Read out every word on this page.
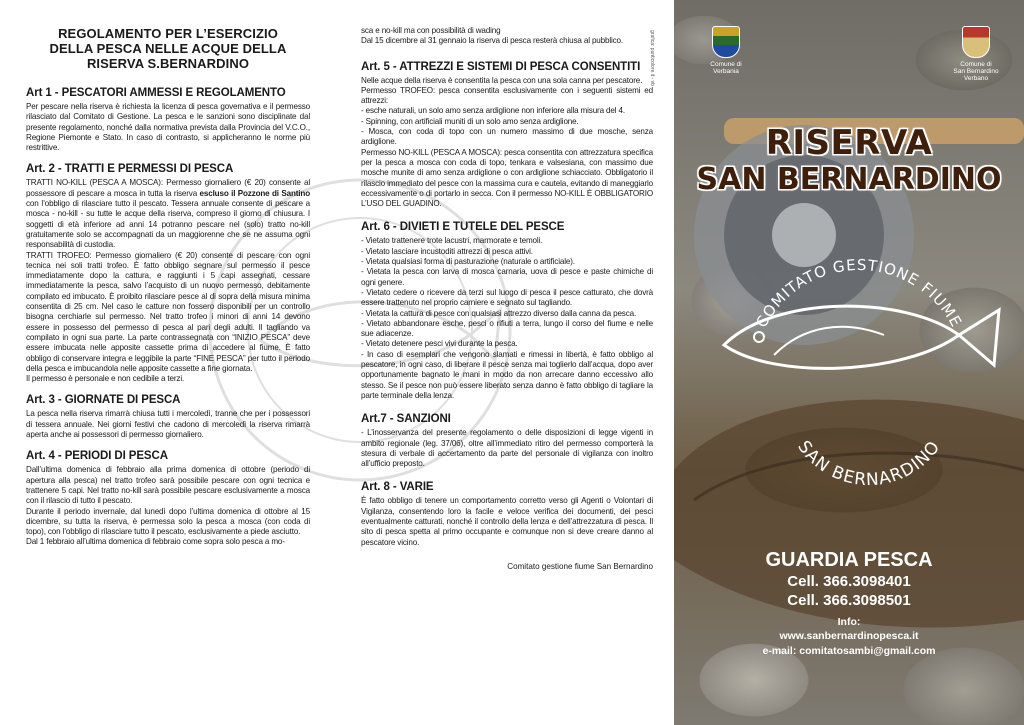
grafica: punticolore.it - vb
REGOLAMENTO PER L’ESERCIZIO
DELLA PESCA NELLE ACQUE DELLA
RISERVA S.BERNARDINO
Art 1 - PESCATORI AMMESSI E REGOLAMENTO

Per pescare nella riserva è richiesta la licenza di pesca governativa e il permesso rilasciato dal Comitato di Gestione. La pesca e le sanzioni sono disciplinate dal presente regolamento, nonché dalla normativa prevista dalla Provincia del V.C.O., Regione Piemonte e Stato. In caso di contrasto, si applicheranno le norme più restrittive.

Art. 2 - TRATTI E PERMESSI DI PESCA

TRATTI NO-KILL (PESCA A MOSCA): Permesso giornaliero (€ 20) consente al possessore di pescare a mosca in tutta la riserva escluso il Pozzone di Santino con l’obbligo di rilasciare tutto il pescato. Tessera annuale consente di pescare a mosca - no-kill - su tutte le acque della riserva, compreso il giorno di chiusura. I soggetti di età inferiore ad anni 14 potranno pescare nel (solo) tratto no-kill gratuitamente solo se accompagnati da un maggiorenne che se ne assuma ogni responsabilità di custodia.

TRATTI TROFEO: Permesso giornaliero (€ 20) consente di pescare con ogni tecnica nei soli tratti trofeo. È fatto obbligo segnare sul permesso il pesce immediatamente dopo la cattura, e raggiunti i 5 capi assegnati, cessare immediatamente la pesca, salvo l’acquisto di un nuovo permesso, debitamente compilato ed imbucato. È proibito rilasciare pesce al di sopra della misura minima consentita di 25 cm. Nel caso le catture non fossero disponibili per un controllo bisogna cerchiarle sul permesso. Nel tratto trofeo i minori di anni 14 devono essere in possesso del permesso di pesca al pari degli adulti. Il tagliando va compilato in ogni sua parte. La parte contrassegnata con “INIZIO PESCA” deve essere imbucata nelle apposite cassette prima di accedere al fiume. È fatto obbligo di conservare integra e leggibile la parte “FINE PESCA” per tutto il periodo della pesca e imbucandola nelle apposite cassette a fine giornata.

Il permesso è personale e non cedibile a terzi.

Art. 3 - GIORNATE DI PESCA

La pesca nella riserva rimarrà chiusa tutti i mercoledì, tranne che per i possessori di tessera annuale. Nei giorni festivi che cadono di mercoledì la riserva rimarrà aperta anche ai possessori di permesso giornaliero.

Art. 4 - PERIODI DI PESCA

Dall’ultima domenica di febbraio alla prima domenica di ottobre (periodo di apertura alla pesca) nel tratto trofeo sarà possibile pescare con ogni tecnica e trattenere 5 capi. Nel tratto no-kill sarà possibile pescare esclusivamente a mosca con il rilascio di tutto il pescato.

Durante il periodo invernale, dal lunedì dopo l’ultima domenica di ottobre al 15 dicembre, su tutta la riserva, è permessa solo la pesca a mosca (con coda di topo), con l’obbligo di rilasciare tutto il pescato, esclusivamente a piede asciutto.

Dal 1 febbraio all’ultima domenica di febbraio come sopra solo pesca a mo-

sca e no-kill ma con possibilità di wading

Dal 15 dicembre al 31 gennaio la riserva di pesca resterà chiusa al pubblico.

Art. 5 - ATTREZZI E SISTEMI DI PESCA CONSENTITI

Nelle acque della riserva è consentita la pesca con una sola canna per pescatore.

Permesso TROFEO: pesca consentita esclusivamente con i seguenti sistemi ed attrezzi:

- esche naturali, un solo amo senza ardiglione non inferiore alla misura del 4.

- Spinning, con artificiali muniti di un solo amo senza ardiglione.

- Mosca, con coda di topo con un numero massimo di due mosche, senza ardiglione.

Permesso NO-KILL (PESCA A MOSCA): pesca consentita con attrezzatura specifica per la pesca a mosca con coda di topo, tenkara e valsesiana, con massimo due mosche munite di amo senza ardiglione o con ardiglione schiacciato. Obbligatorio il rilascio immediato del pesce con la massima cura e cautela, evitando di maneggiarlo eccessivamente o di portarlo in secca. Con il permesso NO-KILL È OBBLIGATORIO L’USO DEL GUADINO.

Art. 6 - DIVIETI E TUTELE DEL PESCE

- Vietato trattenere trote lacustri, marmorate e temoli.

- Vietato lasciare incustoditi attrezzi di pesca attivi.

- Vietata qualsiasi forma di pasturazione (naturale o artificiale).

- Vietata la pesca con larva di mosca carnaria, uova di pesce e paste chimiche di ogni genere.

- Vietato cedere o ricevere da terzi sul luogo di pesca il pesce catturato, che dovrà essere trattenuto nel proprio carniere e segnato sul tagliando.

- Vietata la cattura di pesce con qualsiasi attrezzo diverso dalla canna da pesca.

- Vietato abbandonare esche, pesci o rifiuti a terra, lungo il corso del fiume e nelle sue adiacenze.

- Vietato detenere pesci vivi durante la pesca.

- In caso di esemplari che vengono slamati e rimessi in libertà, è fatto obbligo al pescatore, in ogni caso, di liberare il pesce senza mai toglierlo dall’acqua, dopo aver opportunamente bagnato le mani in modo da non arrecare danno eccessivo allo stesso. Se il pesce non può essere liberato senza danno è fatto obbligo di tagliare la parte terminale della lenza.

Art.7 - SANZIONI

- L’inosservanza del presente regolamento o delle disposizioni di legge vigenti in ambito regionale (leg. 37/06), oltre all’immediato ritiro del permesso comporterà la stesura di verbale di accertamento da parte del personale di vigilanza con inoltro all’ufficio preposto.

Art. 8 - VARIE

È fatto obbligo di tenere un comportamento corretto verso gli Agenti o Volontari di Vigilanza, consentendo loro la facile e veloce verifica dei documenti, dei pesci eventualmente catturati, nonché il controllo della lenza e dell’attrezzatura di pesca. Il sito di pesca spetta al primo occupante e comunque non si deve creare danno al pescatore vicino.

Comitato gestione fiume San Bernardino
Comune di
Verbania
Comune di
San Bernardino
Verbano
RISERVA
SAN BERNARDINO
COMITATO GESTIONE FIUME
SAN BERNARDINO
GUARDIA PESCA
Cell. 366.3098401
Cell. 366.3098501
Info:
www.sanbernardinopesca.it
e-mail: comitatosambi@gmail.com
